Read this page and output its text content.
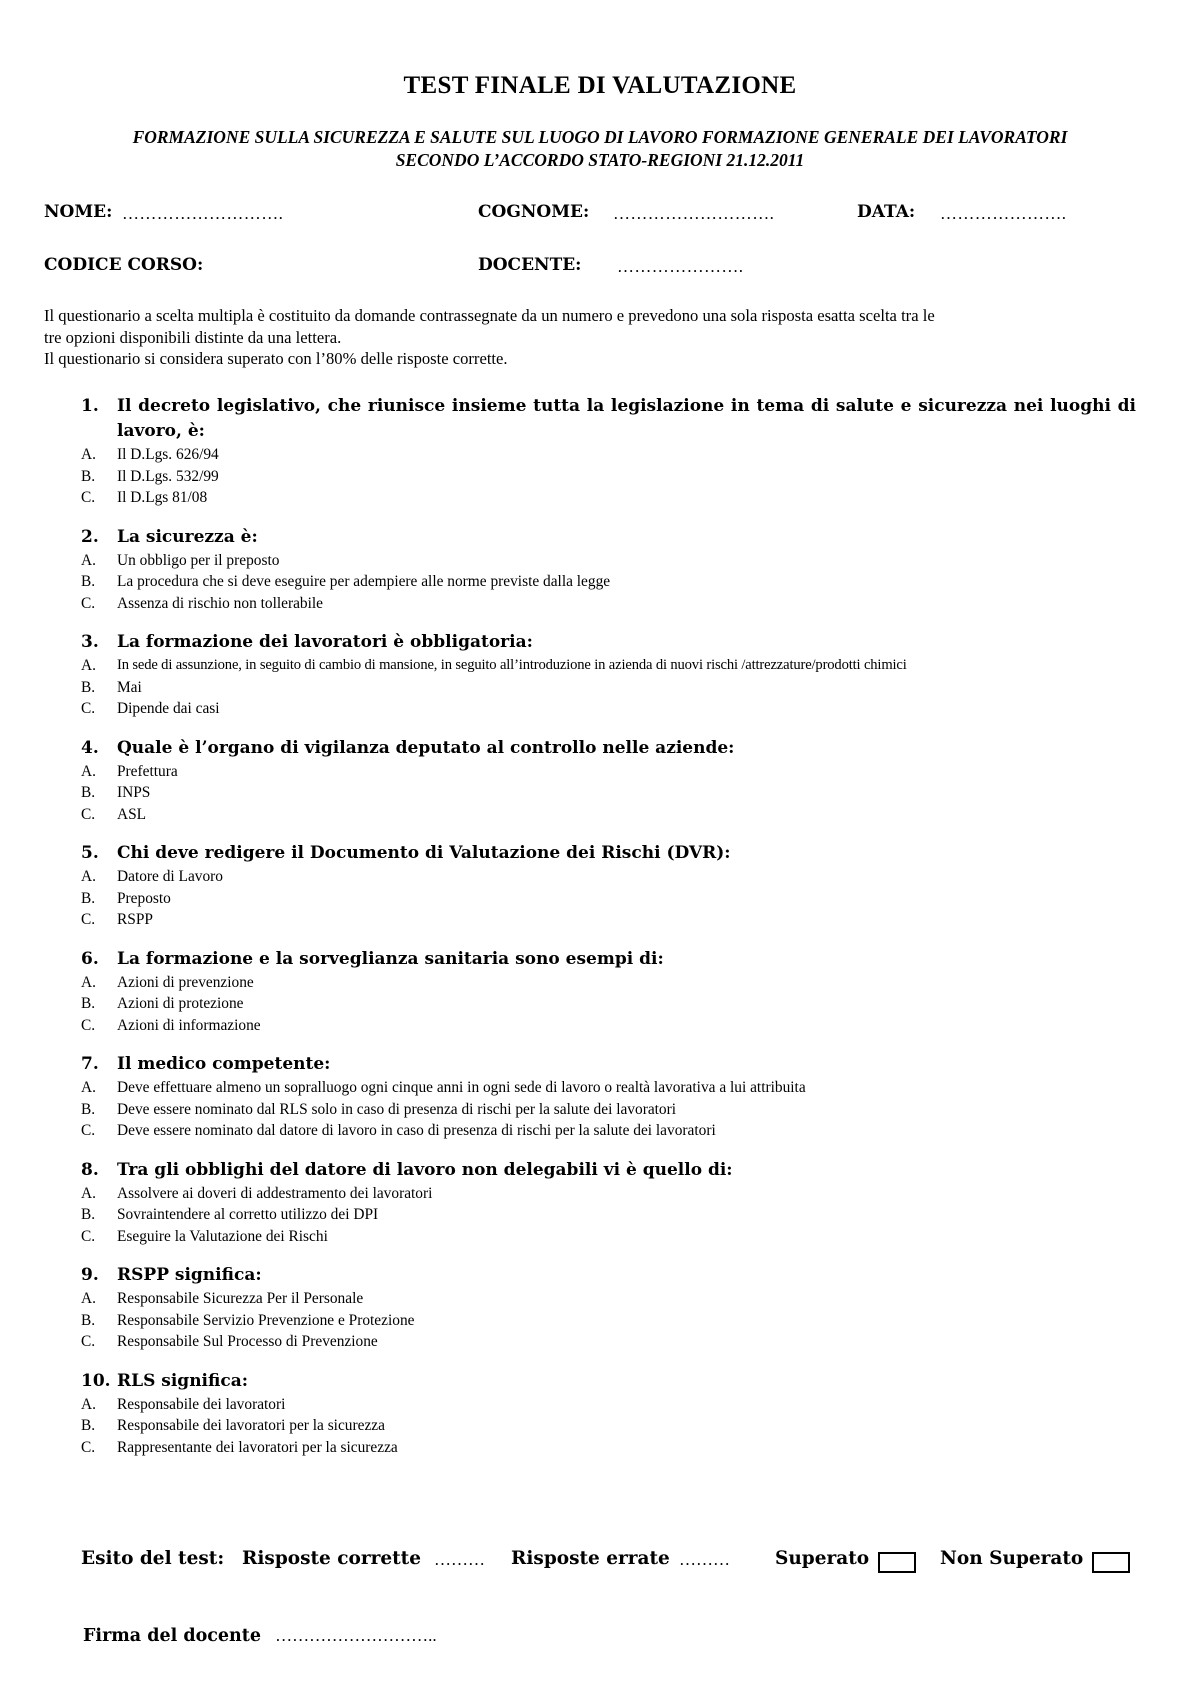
TEST FINALE DI VALUTAZIONE
FORMAZIONE SULLA SICUREZZA E SALUTE SUL LUOGO DI LAVORO FORMAZIONE GENERALE DEI LAVORATORI
SECONDO L’ACCORDO STATO-REGIONI 21.12.2011
NOME: ……………………….	COGNOME: ……………………….	DATA: ………………….
CODICE CORSO:	DOCENTE: ………………….
Il questionario a scelta multipla è costituito da domande contrassegnate da un numero e prevedono una sola risposta esatta scelta tra le
tre opzioni disponibili distinte da una lettera.
Il questionario si considera superato con l’80% delle risposte corrette.
1. Il decreto legislativo, che riunisce insieme tutta la legislazione in tema di salute e sicurezza nei luoghi di lavoro, è:
A. Il D.Lgs. 626/94
B. Il D.Lgs. 532/99
C. Il D.Lgs 81/08
2. La sicurezza è:
A. Un obbligo per il preposto
B. La procedura che si deve eseguire per adempiere alle norme previste dalla legge
C. Assenza di rischio non tollerabile
3. La formazione dei lavoratori è obbligatoria:
A. In sede di assunzione, in seguito di cambio di mansione, in seguito all’introduzione in azienda di nuovi rischi /attrezzature/prodotti chimici
B. Mai
C. Dipende dai casi
4. Quale è l’organo di vigilanza deputato al controllo nelle aziende:
A. Prefettura
B. INPS
C. ASL
5. Chi deve redigere il Documento di Valutazione dei Rischi (DVR):
A. Datore di Lavoro
B. Preposto
C. RSPP
6. La formazione e la sorveglianza sanitaria sono esempi di:
A. Azioni di prevenzione
B. Azioni di protezione
C. Azioni di informazione
7. Il medico competente:
A. Deve effettuare almeno un sopralluogo ogni cinque anni in ogni sede di lavoro o realtà lavorativa a lui attribuita
B. Deve essere nominato dal RLS solo in caso di presenza di rischi per la salute dei lavoratori
C. Deve essere nominato dal datore di lavoro in caso di presenza di rischi per la salute dei lavoratori
8. Tra gli obblighi del datore di lavoro non delegabili vi è quello di:
A. Assolvere ai doveri di addestramento dei lavoratori
B. Sovraintendere al corretto utilizzo dei DPI
C. Eseguire la Valutazione dei Rischi
9. RSPP significa:
A. Responsabile Sicurezza Per il Personale
B. Responsabile Servizio Prevenzione e Protezione
C. Responsabile Sul Processo di Prevenzione
10. RLS significa:
A. Responsabile dei lavoratori
B. Responsabile dei lavoratori per la sicurezza
C. Rappresentante dei lavoratori per la sicurezza
Esito del test: Risposte corrette ……… Risposte errate ……… Superato	Non Superato
Firma del docente ………………………..
